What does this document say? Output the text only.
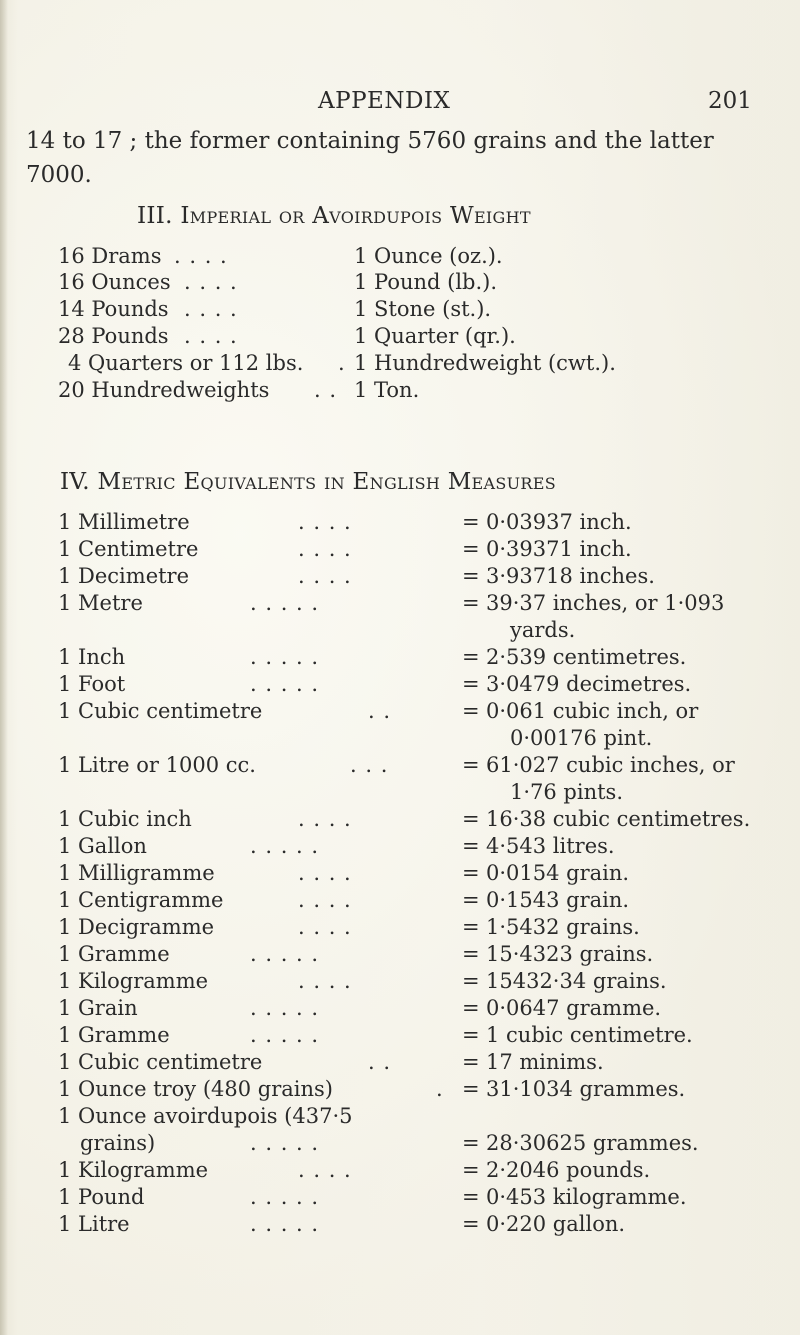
APPENDIX	201
14 to 17 ; the former containing 5760 grains and the latter
7000.
III. Imperial or Avoirdupois Weight
16 Drams . . . .	1 Ounce (oz.).
16 Ounces . . . .	1 Pound (lb.).
14 Pounds . . . .	1 Stone (st.).
28 Pounds . . . .	1 Quarter (qr.).
4 Quarters or 112 lbs. . 1 Hundredweight (cwt.).
20 Hundredweights . . 1 Ton.
IV. Metric Equivalents in English Measures
1 Millimetre	. . . .	= 0·03937 inch.
1 Centimetre	. . . .	= 0·39371 inch.
1 Decimetre	. . . .	= 3·93718 inches.
1 Metre	. . . . .	= 39·37 inches, or 1·093
yards.
1 Inch	. . . . .	= 2·539 centimetres.
1 Foot	. . . . .	= 3·0479 decimetres.
1 Cubic centimetre	. .	= 0·061 cubic inch, or
0·00176 pint.
1 Litre or 1000 cc.	. . .	= 61·027 cubic inches, or
1·76 pints.
1 Cubic inch	. . . .	= 16·38 cubic centimetres.
1 Gallon	. . . . .	= 4·543 litres.
1 Milligramme	. . . .	= 0·0154 grain.
1 Centigramme	. . . .	= 0·1543 grain.
1 Decigramme	. . . .	= 1·5432 grains.
1 Gramme	. . . . .	= 15·4323 grains.
1 Kilogramme	. . . .	= 15432·34 grains.
1 Grain	. . . . .	= 0·0647 gramme.
1 Gramme	. . . . .	= 1 cubic centimetre.
1 Cubic centimetre	. .	= 17 minims.
1 Ounce troy (480 grains)	. = 31·1034 grammes.
1 Ounce avoirdupois (437·5
grains)	. . . . .	= 28·30625 grammes.
1 Kilogramme	. . . .	= 2·2046 pounds.
1 Pound	. . . . .	= 0·453 kilogramme.
1 Litre	. . . . .	= 0·220 gallon.
